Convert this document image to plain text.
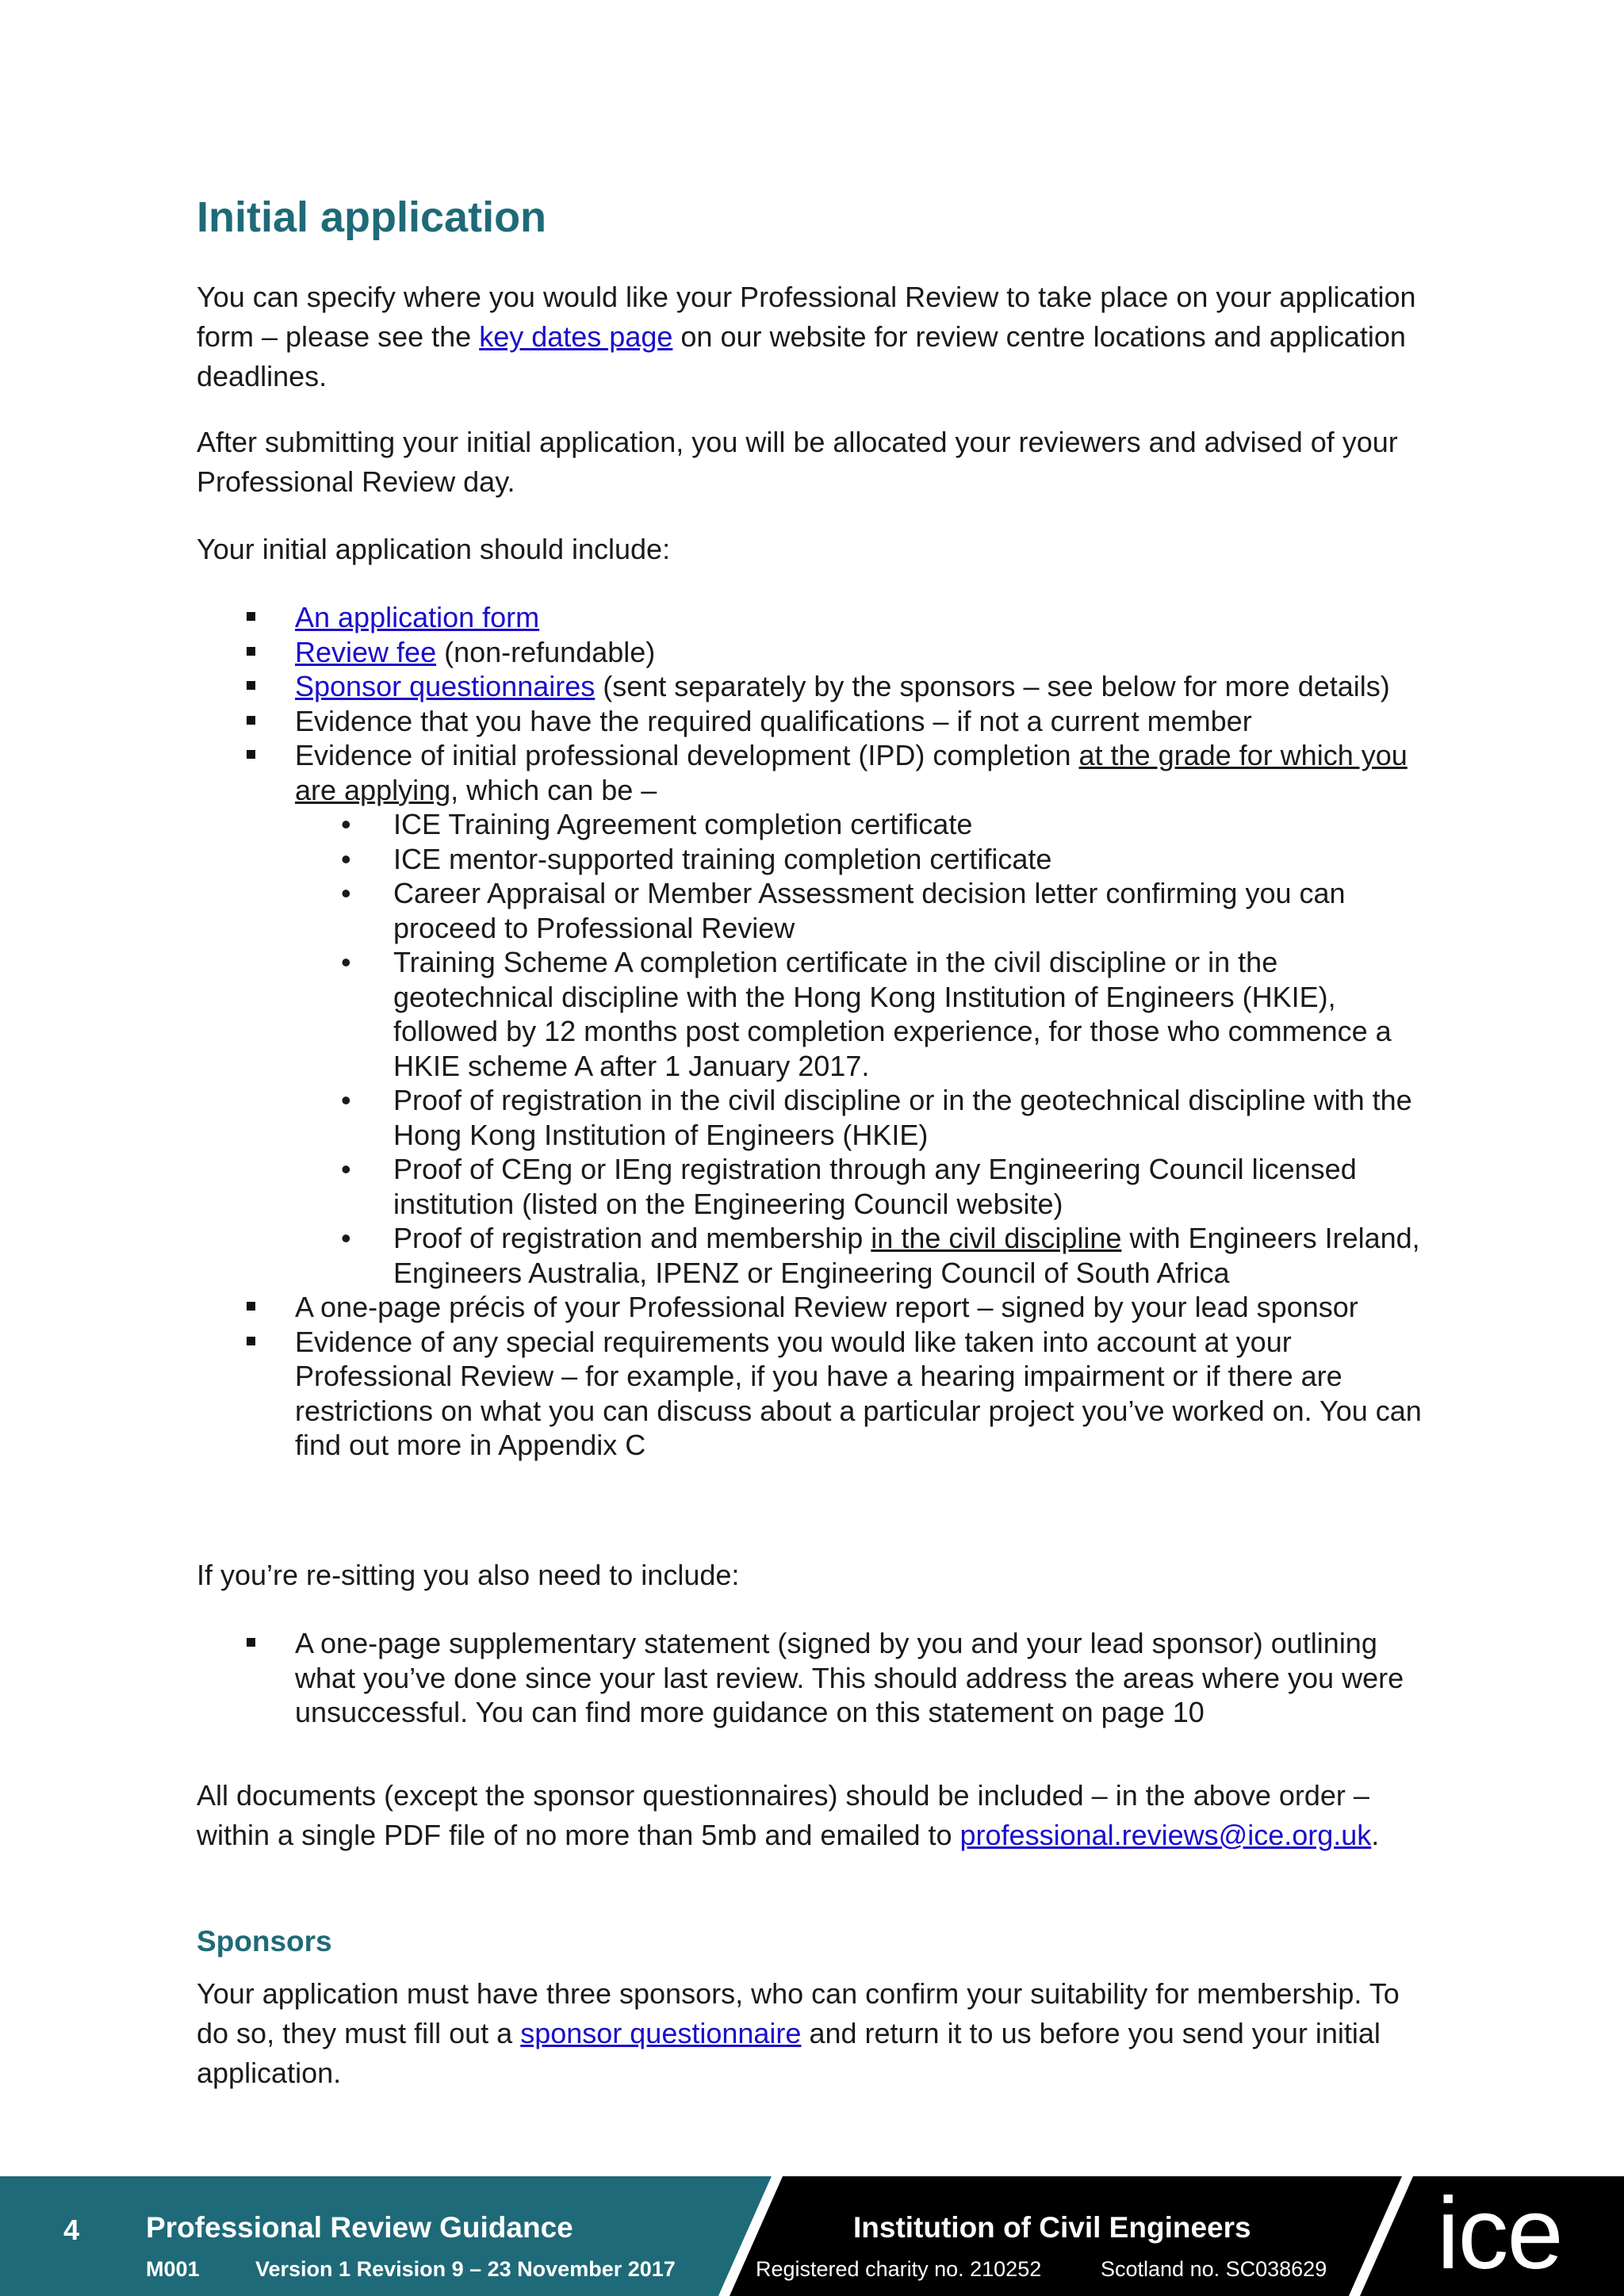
Initial application

You can specify where you would like your Professional Review to take place on your application form – please see the key dates page on our website for review centre locations and application deadlines.

After submitting your initial application, you will be allocated your reviewers and advised of your Professional Review day.

Your initial application should include:

An application form
Review fee (non-refundable)
Sponsor questionnaires (sent separately by the sponsors – see below for more details)
Evidence that you have the required qualifications – if not a current member
Evidence of initial professional development (IPD) completion at the grade for which you are applying, which can be –
• ICE Training Agreement completion certificate
• ICE mentor-supported training completion certificate
• Career Appraisal or Member Assessment decision letter confirming you can proceed to Professional Review
• Training Scheme A completion certificate in the civil discipline or in the geotechnical discipline with the Hong Kong Institution of Engineers (HKIE), followed by 12 months post completion experience, for those who commence a HKIE scheme A after 1 January 2017.
• Proof of registration in the civil discipline or in the geotechnical discipline with the Hong Kong Institution of Engineers (HKIE)
• Proof of CEng or IEng registration through any Engineering Council licensed institution (listed on the Engineering Council website)
• Proof of registration and membership in the civil discipline with Engineers Ireland, Engineers Australia, IPENZ or Engineering Council of South Africa
A one-page précis of your Professional Review report – signed by your lead sponsor
Evidence of any special requirements you would like taken into account at your Professional Review – for example, if you have a hearing impairment or if there are restrictions on what you can discuss about a particular project you’ve worked on. You can find out more in Appendix C

If you’re re-sitting you also need to include:

A one-page supplementary statement (signed by you and your lead sponsor) outlining what you’ve done since your last review. This should address the areas where you were unsuccessful. You can find more guidance on this statement on page 10

All documents (except the sponsor questionnaires) should be included – in the above order – within a single PDF file of no more than 5mb and emailed to professional.reviews@ice.org.uk.

Sponsors

Your application must have three sponsors, who can confirm your suitability for membership. To do so, they must fill out a sponsor questionnaire and return it to us before you send your initial application.

4 Professional Review Guidance
M001	Version 1 Revision 9 – 23 November 2017
Institution of Civil Engineers
Registered charity no. 210252	Scotland no. SC038629 ice
